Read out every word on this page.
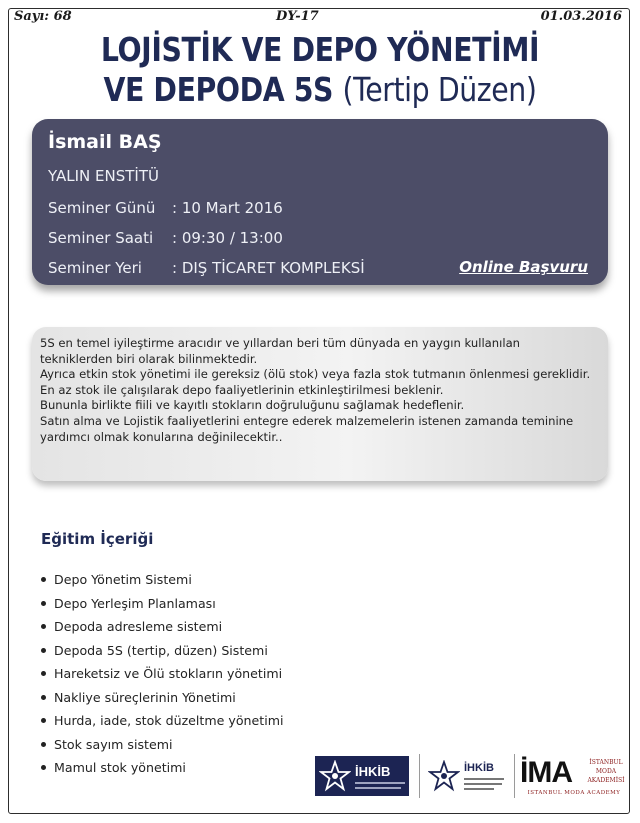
Sayı: 68	DY-17	01.03.2016
LOJİSTİK VE DEPO YÖNETİMİ
VE DEPODA 5S (Tertip Düzen)
İsmail BAŞ
YALIN ENSTİTÜ
Seminer Günü : 10 Mart 2016
Seminer Saati : 09:30 / 13:00
Seminer Yeri : DIŞ TİCARET KOMPLEKSİ	Online Başvuru

5S en temel iyileştirme aracıdır ve yıllardan beri tüm dünyada en yaygın kullanılan tekniklerden biri olarak bilinmektedir.

Ayrıca etkin stok yönetimi ile gereksiz (ölü stok) veya fazla stok tutmanın önlenmesi gereklidir. En az stok ile çalışılarak depo faaliyetlerinin etkinleştirilmesi beklenir.

Bununla birlikte fiili ve kayıtlı stokların doğruluğunu sağlamak hedeflenir.

Satın alma ve Lojistik faaliyetlerini entegre ederek malzemelerin istenen zamanda teminine yardımcı olmak konularına değinilecektir..

Eğitim İçeriği
Depo Yönetim Sistemi
Depo Yerleşim Planlaması
Depoda adresleme sistemi
Depoda 5S (tertip, düzen) Sistemi
Hareketsiz ve Ölü stokların yönetimi
Nakliye süreçlerinin Yönetimi
Hurda, iade, stok düzeltme yönetimi
Stok sayım sistemi
Mamul stok yönetimi	İHKİB	İHKİB İMA	İSTANBUL MODA AKADEMİSİ
ISTANBUL MODA ACADEMY
